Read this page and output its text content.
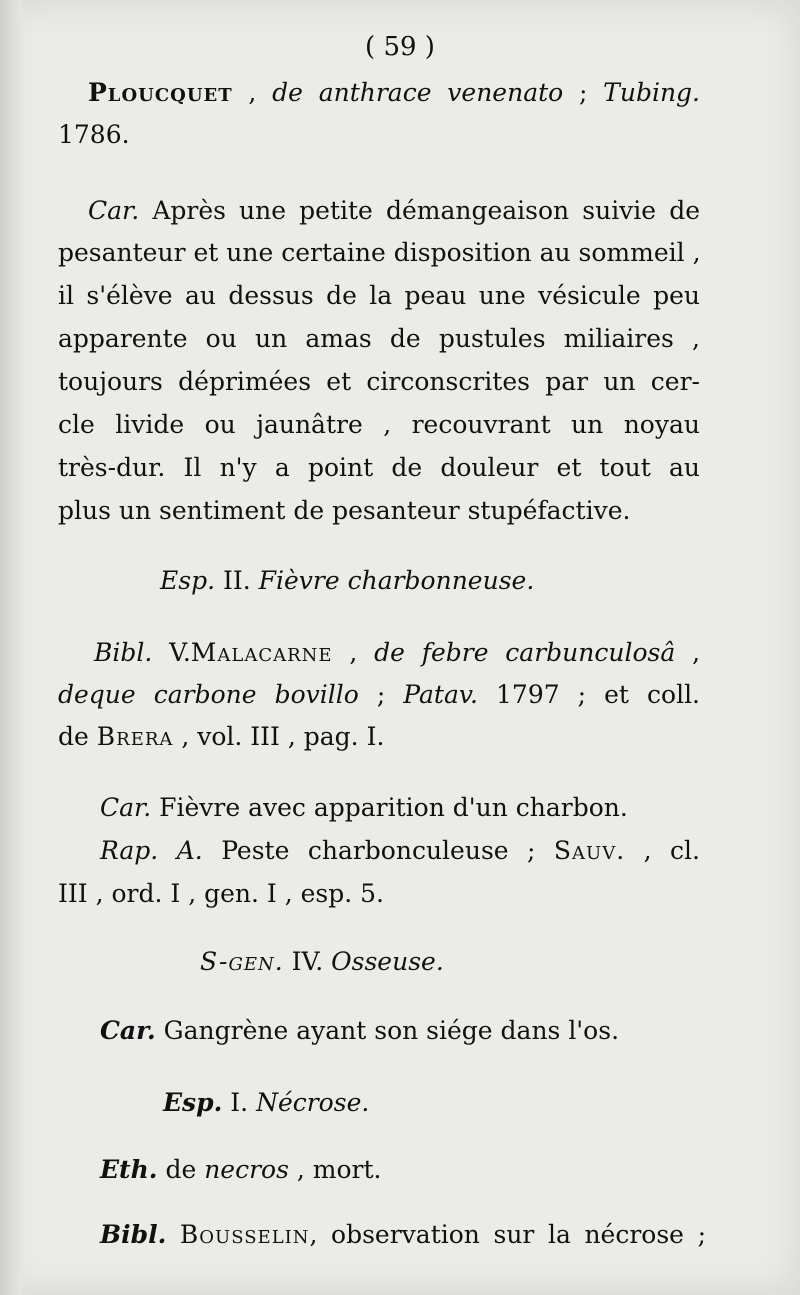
( 59 )
Ploucquet , de anthrace venenato ; Tubing.
1786.
Car. Après une petite démangeaison suivie de
pesanteur et une certaine disposition au sommeil ,
il s'élève au dessus de la peau une vésicule peu
apparente ou un amas de pustules miliaires ,
toujours déprimées et circonscrites par un cer-
cle livide ou jaunâtre , recouvrant un noyau
très-dur. Il n'y a point de douleur et tout au
plus un sentiment de pesanteur stupéfactive.
Esp. II. Fièvre charbonneuse.
Bibl. V.Malacarne , de febre carbunculosâ ,
deque carbone bovillo ; Patav. 1797 ; et coll.
de Brera , vol. III , pag. I.
Car. Fièvre avec apparition d'un charbon.
Rap. A. Peste charbonculeuse ; Sauv. , cl.
III , ord. I , gen. I , esp. 5.
S-gen. IV. Osseuse.
Car. Gangrène ayant son siége dans l'os.
Esp. I. Nécrose.
Eth. de necros , mort.
Bibl. Bousselin, observation sur la nécrose ;
